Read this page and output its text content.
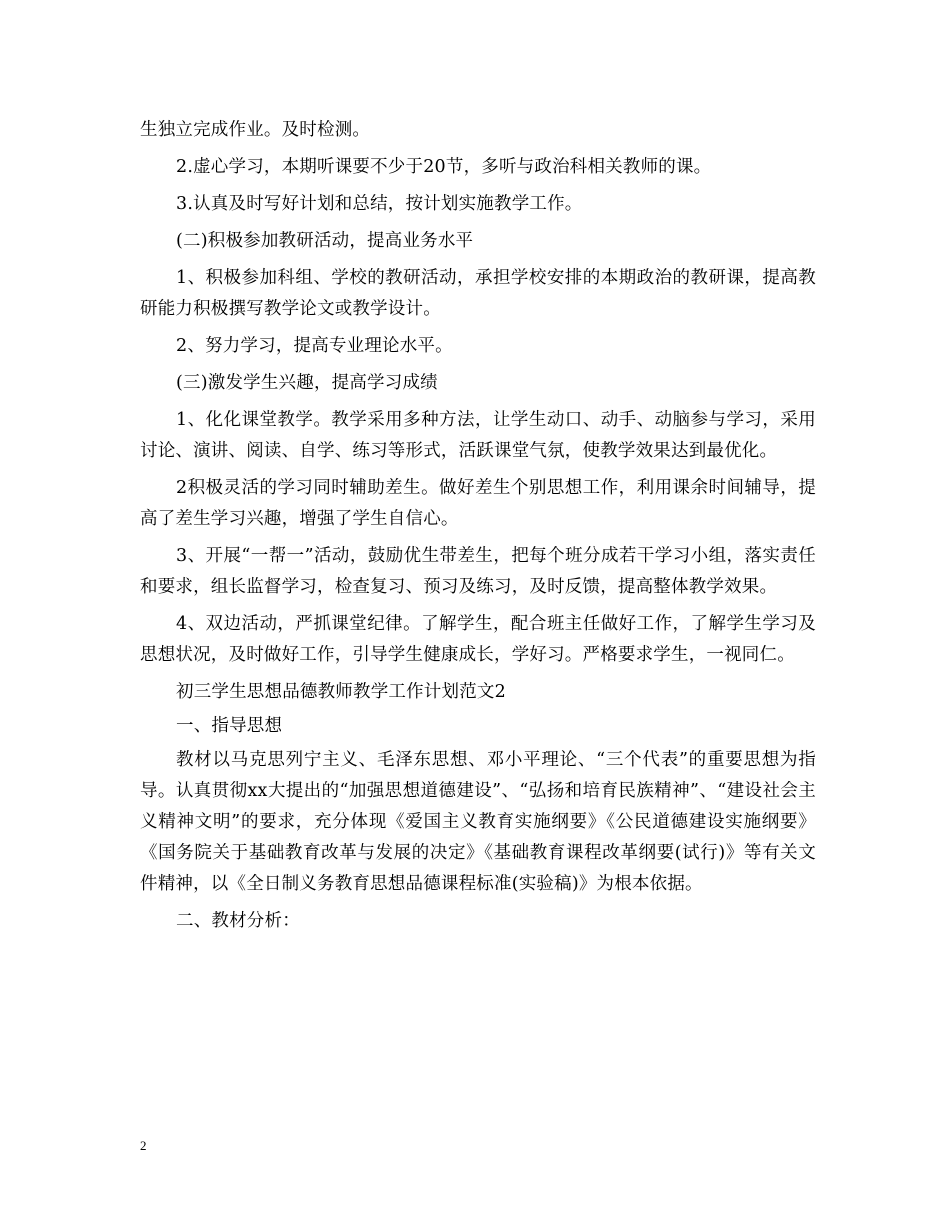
生独立完成作业。及时检测。

2.虚心学习，本期听课要不少于20节，多听与政治科相关教师的课。

3.认真及时写好计划和总结，按计划实施教学工作。

(二)积极参加教研活动，提高业务水平

1、积极参加科组、学校的教研活动，承担学校安排的本期政治的教研课，提高教研能力积极撰写教学论文或教学设计。

2、努力学习，提高专业理论水平。

(三)激发学生兴趣，提高学习成绩

1、化化课堂教学。教学采用多种方法，让学生动口、动手、动脑参与学习，采用讨论、演讲、阅读、自学、练习等形式，活跃课堂气氛，使教学效果达到最优化。

2积极灵活的学习同时辅助差生。做好差生个别思想工作，利用课余时间辅导，提高了差生学习兴趣，增强了学生自信心。

3、开展“一帮一”活动，鼓励优生带差生，把每个班分成若干学习小组，落实责任和要求，组长监督学习，检查复习、预习及练习，及时反馈，提高整体教学效果。

4、双边活动，严抓课堂纪律。了解学生，配合班主任做好工作，了解学生学习及思想状况，及时做好工作，引导学生健康成长，学好习。严格要求学生，一视同仁。

初三学生思想品德教师教学工作计划范文2

一、指导思想

教材以马克思列宁主义、毛泽东思想、邓小平理论、“三个代表”的重要思想为指导。认真贯彻xx大提出的“加强思想道德建设”、“弘扬和培育民族精神”、“建设社会主义精神文明”的要求，充分体现《爱国主义教育实施纲要》《公民道德建设实施纲要》《国务院关于基础教育改革与发展的决定》《基础教育课程改革纲要(试行)》等有关文件精神，以《全日制义务教育思想品德课程标准(实验稿)》为根本依据。

二、教材分析：

2
